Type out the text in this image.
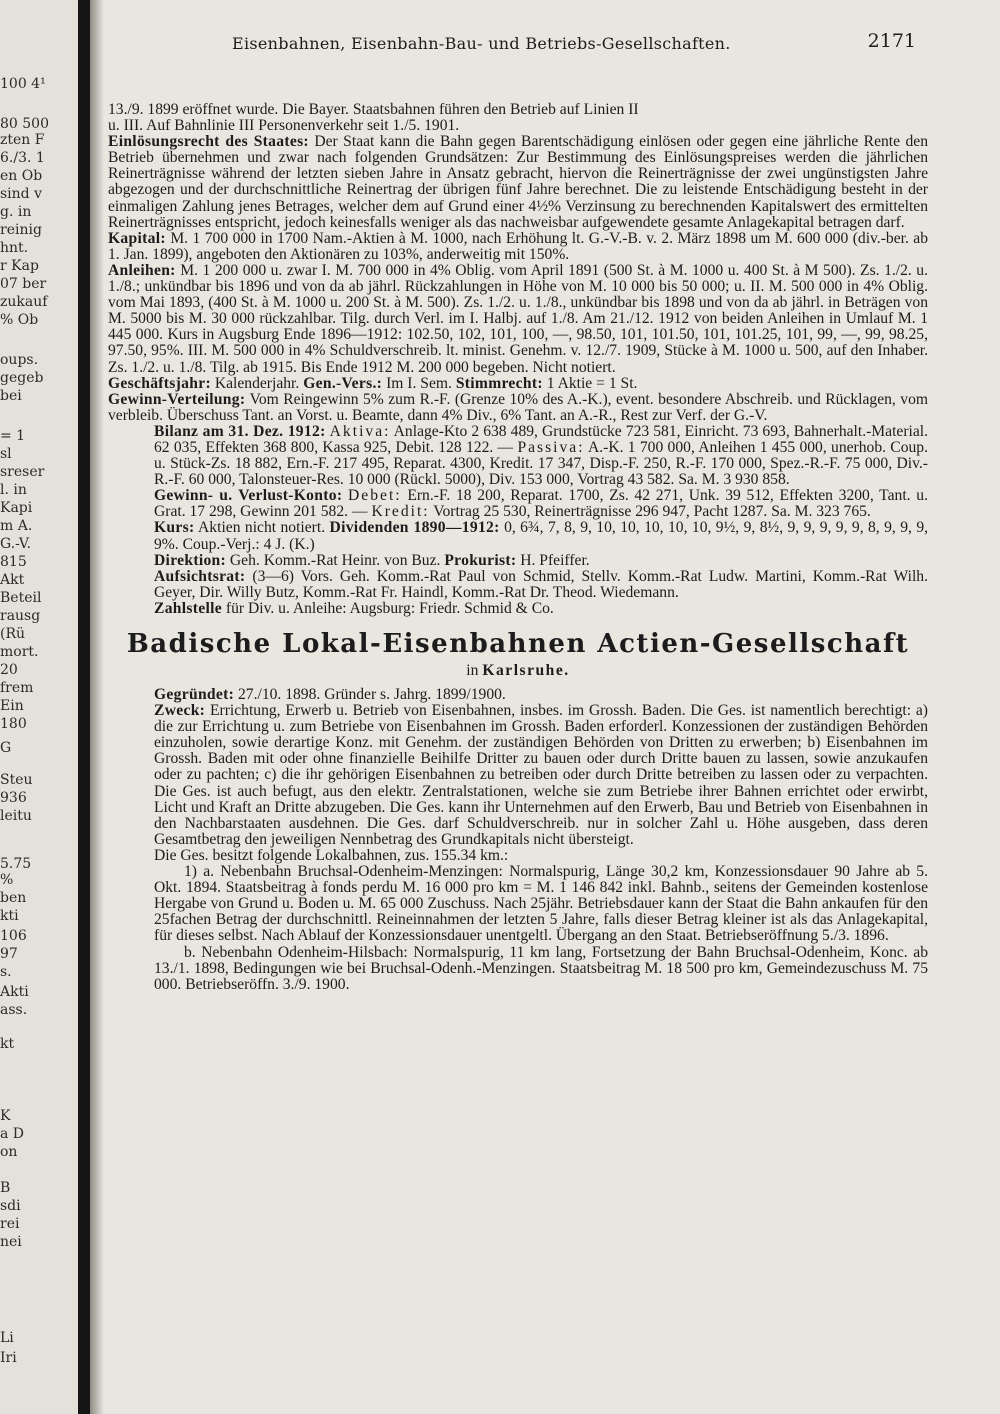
100 4¹
80 500
zten F
6./3. 1
en Ob
sind v
g. in
reinig
hnt.
r Kap
07 ber
zukauf
% Ob
oups.
gegeb
bei
= 1
sl
sreser
l. in
Kapi
m A.
G.-V.
815
Akt
Beteil
rausg
(Rü
mort.
20
frem
Ein
180
G
Steu
936
leitu
5.75
%
ben
kti
106
97
s.
Akti
ass.
kt
K
a D
on
B
sdi
rei
nei
Li
Iri
Eisenbahnen, Eisenbahn-Bau- und Betriebs-Gesellschaften.	2171

13./9. 1899 eröffnet wurde. Die Bayer. Staatsbahnen führen den Betrieb auf Linien II

u. III. Auf Bahnlinie III Personenverkehr seit 1./5. 1901.

Einlösungsrecht des Staates: Der Staat kann die Bahn gegen Barentschädigung einlösen oder gegen eine jährliche Rente den Betrieb übernehmen und zwar nach folgenden Grundsätzen: Zur Bestimmung des Einlösungspreises werden die jährlichen Reinerträgnisse während der letzten sieben Jahre in Ansatz gebracht, hiervon die Reinerträgnisse der zwei ungünstigsten Jahre abgezogen und der durchschnittliche Reinertrag der übrigen fünf Jahre berechnet. Die zu leistende Entschädigung besteht in der einmaligen Zahlung jenes Betrages, welcher dem auf Grund einer 4½% Verzinsung zu berechnenden Kapitalswert des ermittelten Reinerträgnisses entspricht, jedoch keinesfalls weniger als das nachweisbar aufgewendete gesamte Anlagekapital betragen darf.

Kapital: M. 1 700 000 in 1700 Nam.-Aktien à M. 1000, nach Erhöhung lt. G.-V.-B. v. 2. März 1898 um M. 600 000 (div.-ber. ab 1. Jan. 1899), angeboten den Aktionären zu 103%, anderweitig mit 150%.

Anleihen: M. 1 200 000 u. zwar I. M. 700 000 in 4% Oblig. vom April 1891 (500 St. à M. 1000 u. 400 St. à M 500). Zs. 1./2. u. 1./8.; unkündbar bis 1896 und von da ab jährl. Rückzahlungen in Höhe von M. 10 000 bis 50 000; u. II. M. 500 000 in 4% Oblig. vom Mai 1893, (400 St. à M. 1000 u. 200 St. à M. 500). Zs. 1./2. u. 1./8., unkündbar bis 1898 und von da ab jährl. in Beträgen von M. 5000 bis M. 30 000 rückzahlbar. Tilg. durch Verl. im I. Halbj. auf 1./8. Am 21./12. 1912 von beiden Anleihen in Umlauf M. 1 445 000. Kurs in Augsburg Ende 1896—1912: 102.50, 102, 101, 100, —, 98.50, 101, 101.50, 101, 101.25, 101, 99, —, 99, 98.25, 97.50, 95%. III. M. 500 000 in 4% Schuldverschreib. lt. minist. Genehm. v. 12./7. 1909, Stücke à M. 1000 u. 500, auf den Inhaber. Zs. 1./2. u. 1./8. Tilg. ab 1915. Bis Ende 1912 M. 200 000 begeben. Nicht notiert.

Geschäftsjahr: Kalenderjahr. Gen.-Vers.: Im I. Sem. Stimmrecht: 1 Aktie = 1 St.

Gewinn-Verteilung: Vom Reingewinn 5% zum R.-F. (Grenze 10% des A.-K.), event. besondere Abschreib. und Rücklagen, vom verbleib. Überschuss Tant. an Vorst. u. Beamte, dann 4% Div., 6% Tant. an A.-R., Rest zur Verf. der G.-V.

Bilanz am 31. Dez. 1912: Aktiva: Anlage-Kto 2 638 489, Grundstücke 723 581, Einricht. 73 693, Bahnerhalt.-Material. 62 035, Effekten 368 800, Kassa 925, Debit. 128 122. — Passiva: A.-K. 1 700 000, Anleihen 1 455 000, unerhob. Coup. u. Stück-Zs. 18 882, Ern.-F. 217 495, Reparat. 4300, Kredit. 17 347, Disp.-F. 250, R.-F. 170 000, Spez.-R.-F. 75 000, Div.-R.-F. 60 000, Talonsteuer-Res. 10 000 (Rückl. 5000), Div. 153 000, Vortrag 43 582. Sa. M. 3 930 858.

Gewinn- u. Verlust-Konto: Debet: Ern.-F. 18 200, Reparat. 1700, Zs. 42 271, Unk. 39 512, Effekten 3200, Tant. u. Grat. 17 298, Gewinn 201 582. — Kredit: Vortrag 25 530, Reinerträgnisse 296 947, Pacht 1287. Sa. M. 323 765.

Kurs: Aktien nicht notiert. Dividenden 1890—1912: 0, 6¾, 7, 8, 9, 10, 10, 10, 10, 10, 9½, 9, 8½, 9, 9, 9, 9, 9, 8, 9, 9, 9, 9%. Coup.-Verj.: 4 J. (K.)

Direktion: Geh. Komm.-Rat Heinr. von Buz. Prokurist: H. Pfeiffer.

Aufsichtsrat: (3—6) Vors. Geh. Komm.-Rat Paul von Schmid, Stellv. Komm.-Rat Ludw. Martini, Komm.-Rat Wilh. Geyer, Dir. Willy Butz, Komm.-Rat Fr. Haindl, Komm.-Rat Dr. Theod. Wiedemann.

Zahlstelle für Div. u. Anleihe: Augsburg: Friedr. Schmid & Co.

Badische Lokal-Eisenbahnen Actien-Gesellschaft
in Karlsruhe.

Gegründet: 27./10. 1898. Gründer s. Jahrg. 1899/1900.

Zweck: Errichtung, Erwerb u. Betrieb von Eisenbahnen, insbes. im Grossh. Baden. Die Ges. ist namentlich berechtigt: a) die zur Errichtung u. zum Betriebe von Eisenbahnen im Grossh. Baden erforderl. Konzessionen der zuständigen Behörden einzuholen, sowie derartige Konz. mit Genehm. der zuständigen Behörden von Dritten zu erwerben; b) Eisenbahnen im Grossh. Baden mit oder ohne finanzielle Beihilfe Dritter zu bauen oder durch Dritte bauen zu lassen, sowie anzukaufen oder zu pachten; c) die ihr gehörigen Eisenbahnen zu betreiben oder durch Dritte betreiben zu lassen oder zu verpachten. Die Ges. ist auch befugt, aus den elektr. Zentralstationen, welche sie zum Betriebe ihrer Bahnen errichtet oder erwirbt, Licht und Kraft an Dritte abzugeben. Die Ges. kann ihr Unternehmen auf den Erwerb, Bau und Betrieb von Eisenbahnen in den Nachbarstaaten ausdehnen. Die Ges. darf Schuldverschreib. nur in solcher Zahl u. Höhe ausgeben, dass deren Gesamtbetrag den jeweiligen Nennbetrag des Grundkapitals nicht übersteigt.

Die Ges. besitzt folgende Lokalbahnen, zus. 155.34 km.:

1) a. Nebenbahn Bruchsal-Odenheim-Menzingen: Normalspurig, Länge 30,2 km, Konzessionsdauer 90 Jahre ab 5. Okt. 1894. Staatsbeitrag à fonds perdu M. 16 000 pro km = M. 1 146 842 inkl. Bahnb., seitens der Gemeinden kostenlose Hergabe von Grund u. Boden u. M. 65 000 Zuschuss. Nach 25jähr. Betriebsdauer kann der Staat die Bahn ankaufen für den 25fachen Betrag der durchschnittl. Reineinnahmen der letzten 5 Jahre, falls dieser Betrag kleiner ist als das Anlagekapital, für dieses selbst. Nach Ablauf der Konzessionsdauer unentgeltl. Übergang an den Staat. Betriebseröffnung 5./3. 1896.

b. Nebenbahn Odenheim-Hilsbach: Normalspurig, 11 km lang, Fortsetzung der Bahn Bruchsal-Odenheim, Konc. ab 13./1. 1898, Bedingungen wie bei Bruchsal-Odenh.-Menzingen. Staatsbeitrag M. 18 500 pro km, Gemeindezuschuss M. 75 000. Betriebseröffn. 3./9. 1900.
